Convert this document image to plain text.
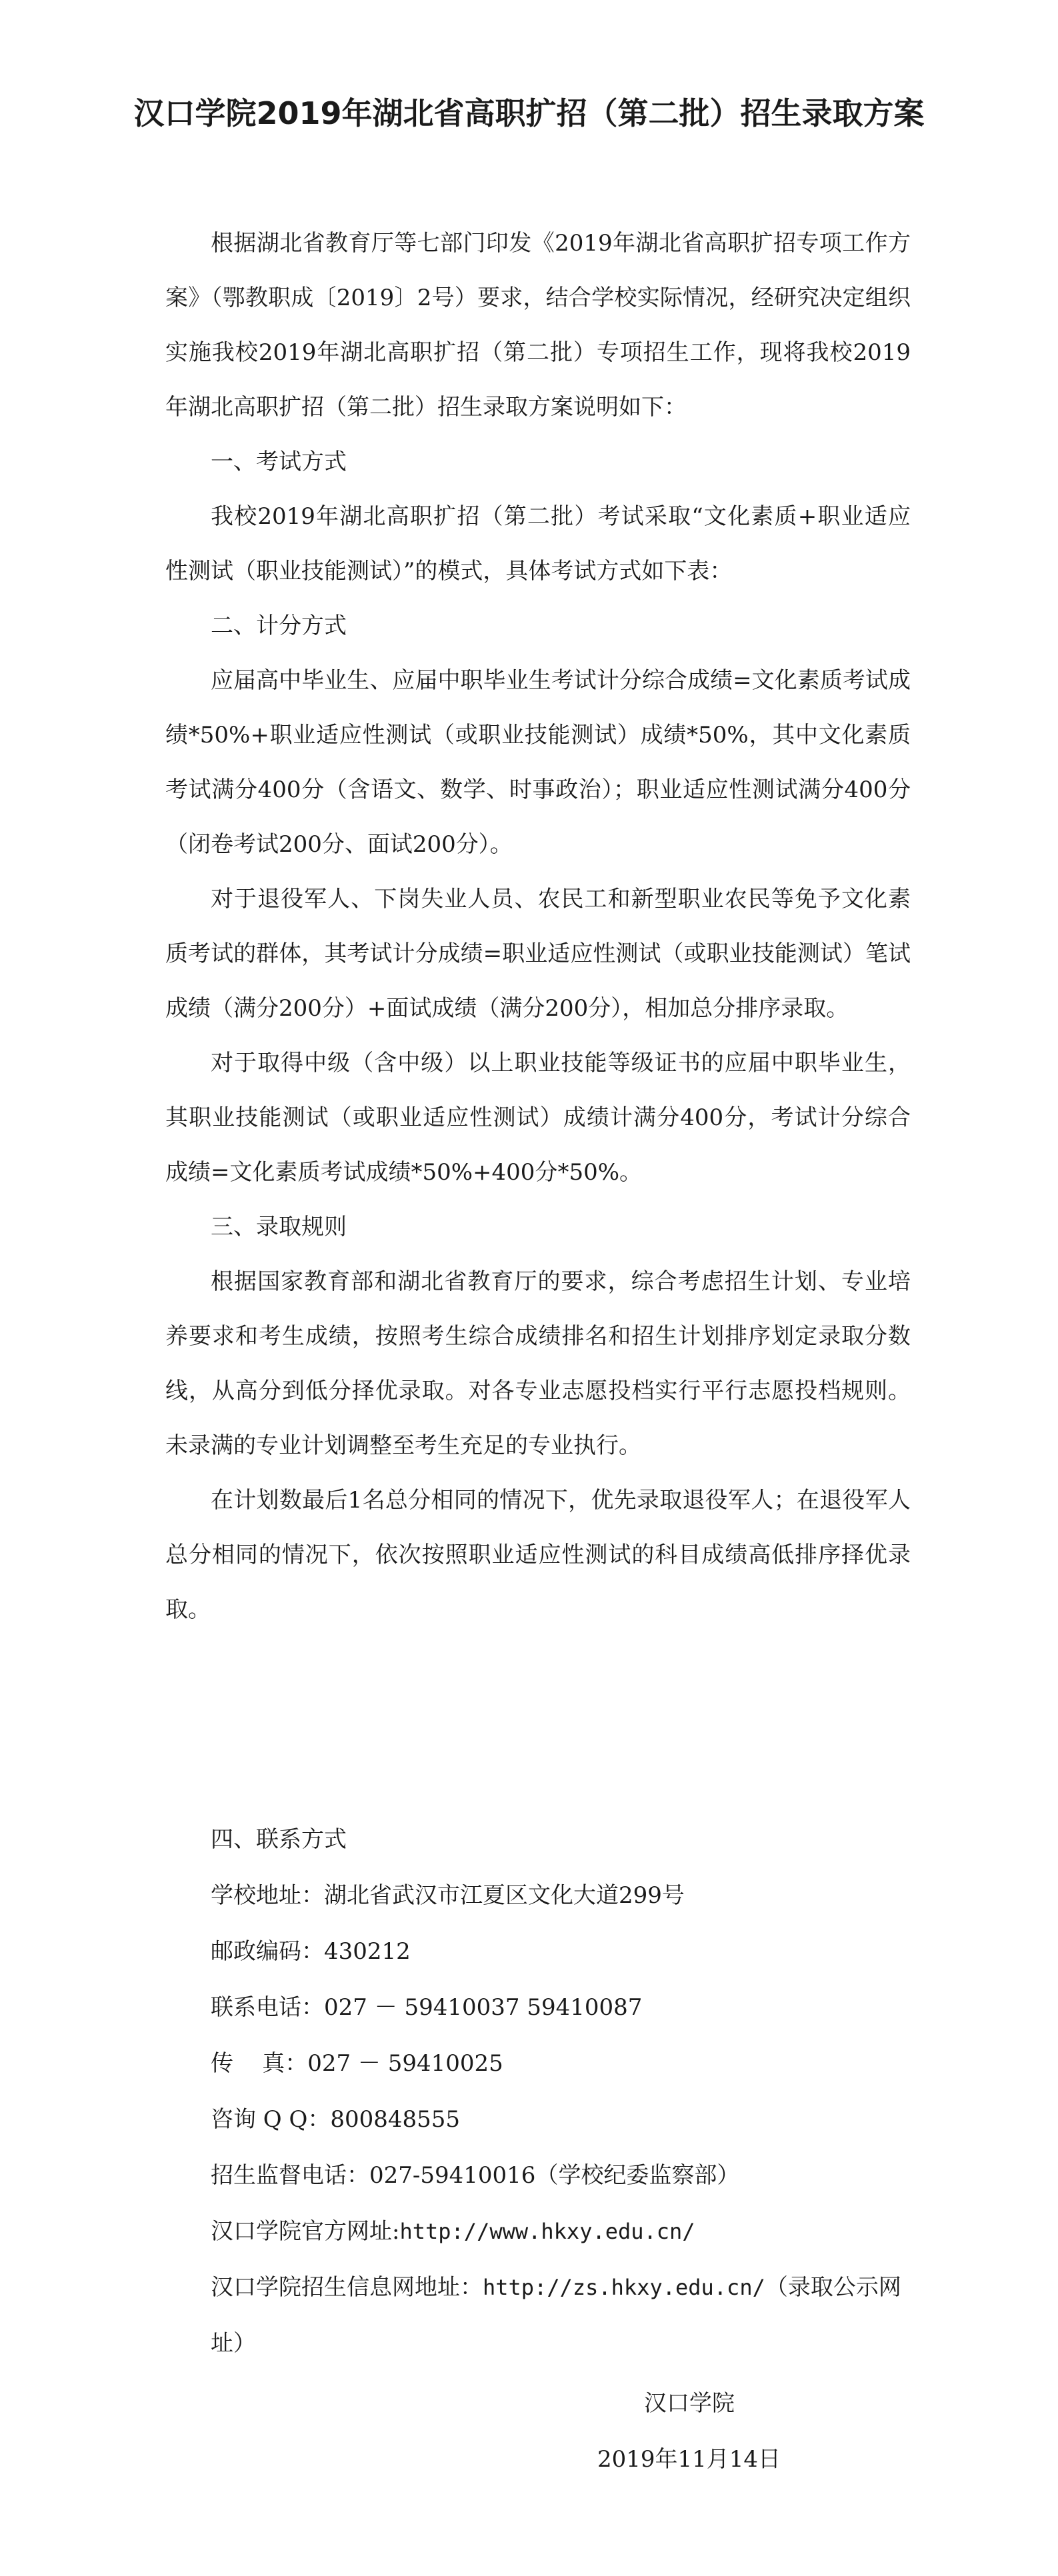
汉口学院2019年湖北省高职扩招（第二批）招生录取方案

根据湖北省教育厅等七部门印发《2019年湖北省高职扩招专项工作方案》（鄂教职成〔2019〕2号）要求，结合学校实际情况，经研究决定组织实施我校2019年湖北高职扩招（第二批）专项招生工作，现将我校2019年湖北高职扩招（第二批）招生录取方案说明如下：

一、考试方式

我校2019年湖北高职扩招（第二批）考试采取“文化素质+职业适应性测试（职业技能测试）”的模式，具体考试方式如下表：

二、计分方式

应届高中毕业生、应届中职毕业生考试计分综合成绩=文化素质考试成绩*50%+职业适应性测试（或职业技能测试）成绩*50%，其中文化素质考试满分400分（含语文、数学、时事政治）；职业适应性测试满分400分（闭卷考试200分、面试200分）。

对于退役军人、下岗失业人员、农民工和新型职业农民等免予文化素质考试的群体，其考试计分成绩=职业适应性测试（或职业技能测试）笔试成绩（满分200分）+面试成绩（满分200分），相加总分排序录取。

对于取得中级（含中级）以上职业技能等级证书的应届中职毕业生，其职业技能测试（或职业适应性测试）成绩计满分400分，考试计分综合成绩=文化素质考试成绩*50%+400分*50%。

三、录取规则

根据国家教育部和湖北省教育厅的要求，综合考虑招生计划、专业培养要求和考生成绩，按照考生综合成绩排名和招生计划排序划定录取分数线，从高分到低分择优录取。对各专业志愿投档实行平行志愿投档规则。未录满的专业计划调整至考生充足的专业执行。

在计划数最后1名总分相同的情况下，优先录取退役军人；在退役军人总分相同的情况下，依次按照职业适应性测试的科目成绩高低排序择优录取。

四、联系方式

学校地址：湖北省武汉市江夏区文化大道299号

邮政编码：430212

联系电话：027 － 59410037 59410087

传    真：027 － 59410025

咨询 Q Q：800848555

招生监督电话：027-59410016（学校纪委监察部）

汉口学院官方网址:http://www.hkxy.edu.cn/

汉口学院招生信息网地址：http://zs.hkxy.edu.cn/（录取公示网址）

汉口学院

2019年11月14日
